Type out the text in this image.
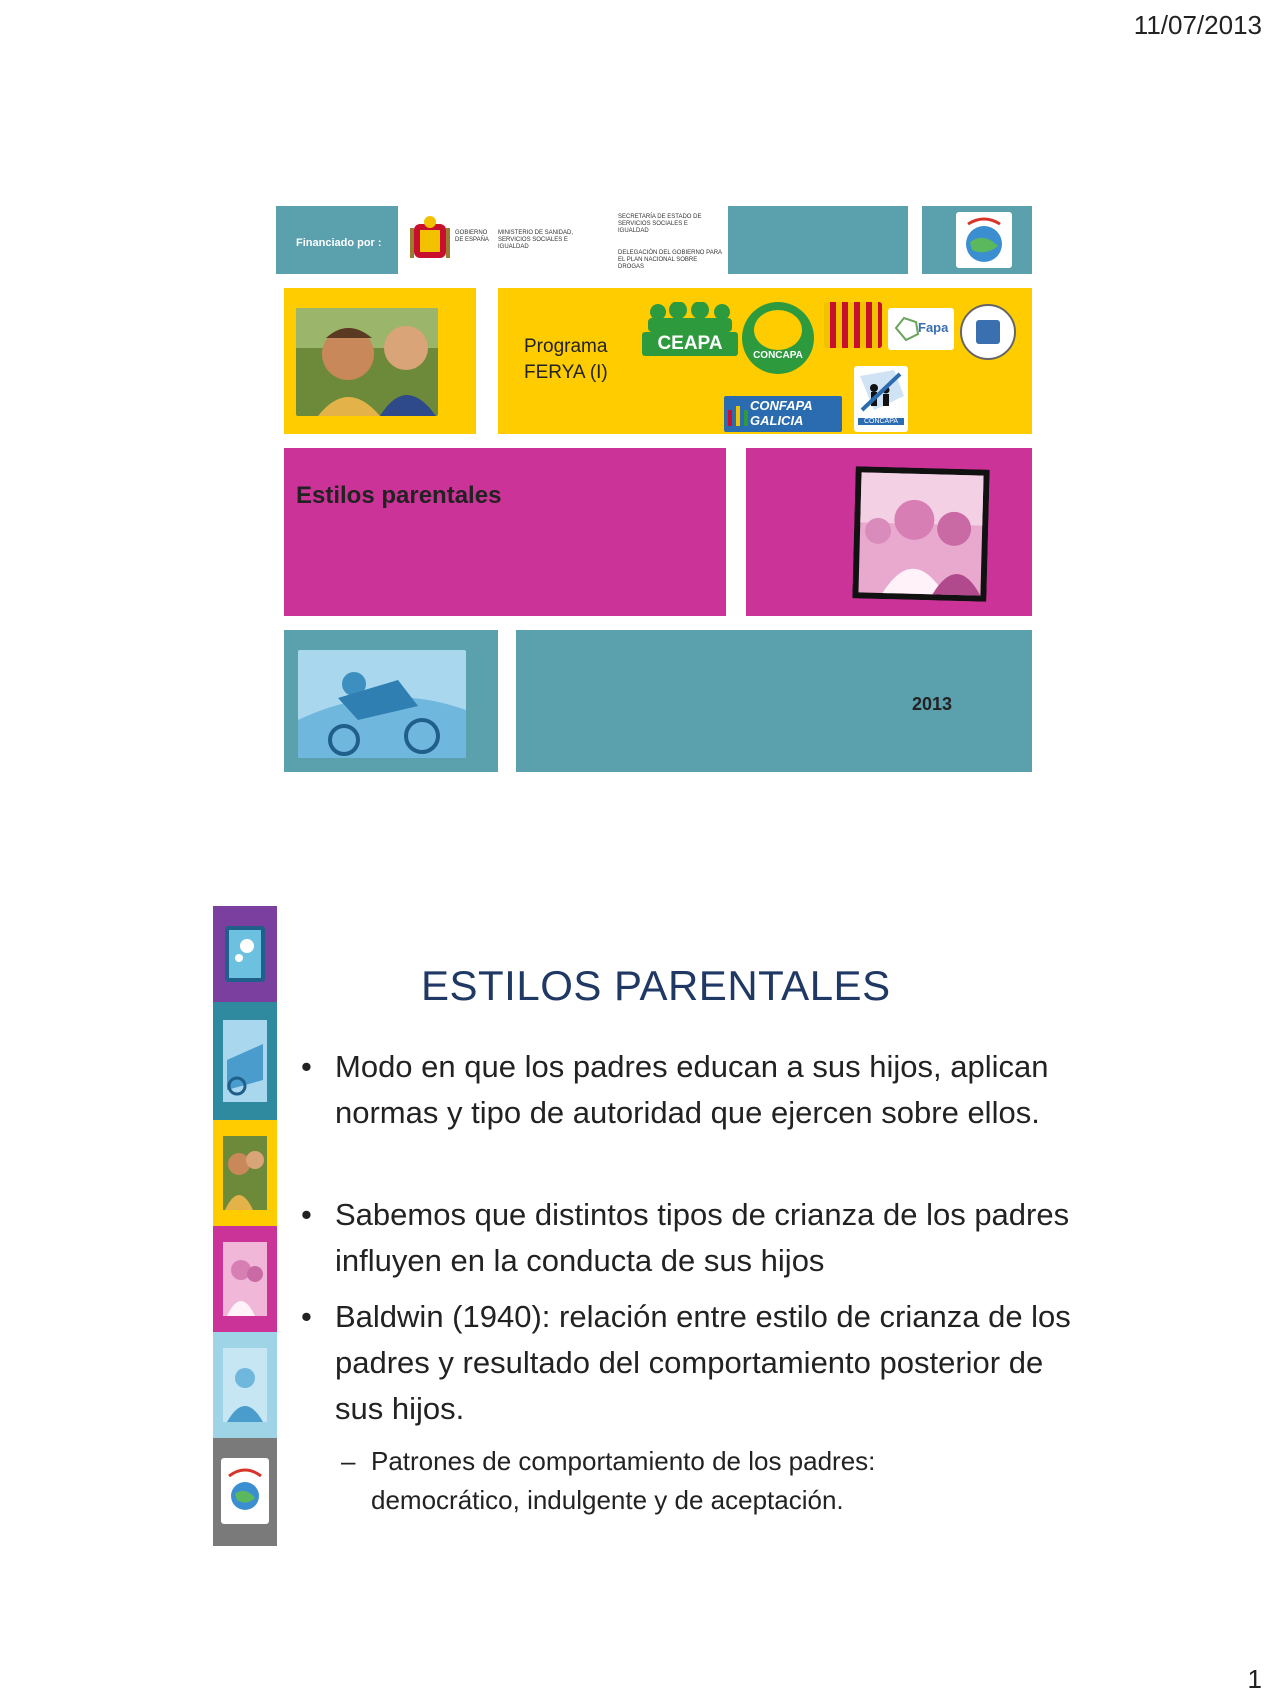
11/07/2013
1
Financiado por :
GOBIERNO DE ESPAÑA
MINISTERIO DE SANIDAD, SERVICIOS SOCIALES E IGUALDAD
SECRETARÍA DE ESTADO DE SERVICIOS SOCIALES E IGUALDAD
DELEGACIÓN DEL GOBIERNO PARA EL PLAN NACIONAL SOBRE DROGAS
Programa
FERYA (I)
CEAPA
CONCAPA
Fapa
CONFAPA GALICIA	CONCAPA
Estilos parentales
2013
ESTILOS PARENTALES
• Modo en que los padres educan a sus hijos, aplican normas y tipo de autoridad que ejercen sobre ellos.
• Sabemos que distintos tipos de crianza de los padres influyen en la conducta de sus hijos
• Baldwin (1940): relación entre estilo de crianza de los padres y resultado del comportamiento posterior de sus hijos.
– Patrones de comportamiento de los padres: democrático, indulgente y de aceptación.
